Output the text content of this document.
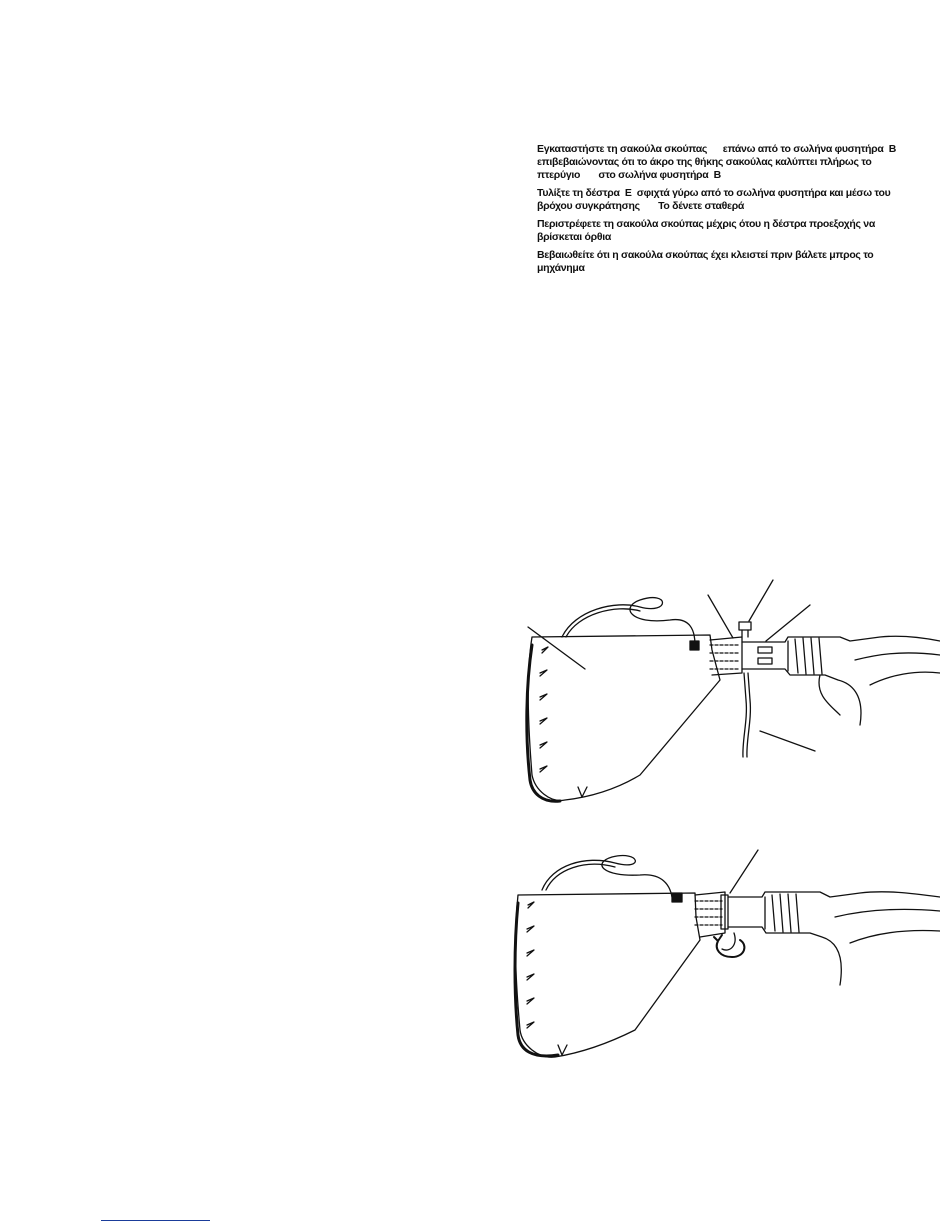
Εγκαταστήστε τη σακούλα σκούπας      επάνω από το σωλήνα φυσητήρα  B    επιβεβαιώνοντας ότι το άκρο της θήκης σακούλας καλύπτει πλήρως το πτερύγιο       στο σωλήνα φυσητήρα  B
Τυλίξτε τη δέστρα  E  σφιχτά γύρω από το σωλήνα φυσητήρα και μέσω του βρόχου συγκράτησης       Το δένετε σταθερά
Περιστρέφετε τη σακούλα σκούπας μέχρις ότου η δέστρα προεξοχής να βρίσκεται όρθια
Βεβαιωθείτε ότι η σακούλα σκούπας έχει κλειστεί πριν βάλετε μπρος το μηχάνημα
